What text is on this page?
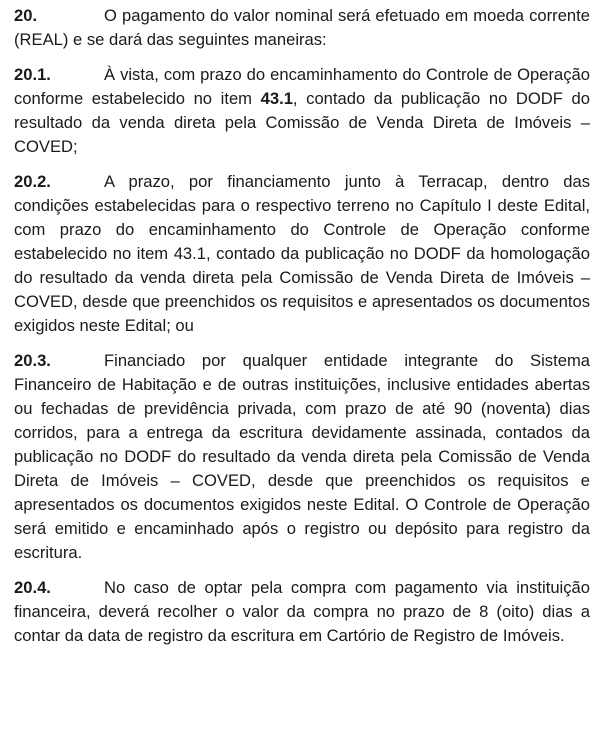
20.	O pagamento do valor nominal será efetuado em moeda corrente (REAL) e se dará das seguintes maneiras:

20.1.	À vista, com prazo do encaminhamento do Controle de Operação conforme estabelecido no item 43.1, contado da publicação no DODF do resultado da venda direta pela Comissão de Venda Direta de Imóveis – COVED;

20.2.	A prazo, por financiamento junto à Terracap, dentro das condições estabelecidas para o respectivo terreno no Capítulo I deste Edital, com prazo do encaminhamento do Controle de Operação conforme estabelecido no item 43.1, contado da publicação no DODF da homologação do resultado da venda direta pela Comissão de Venda Direta de Imóveis – COVED, desde que preenchidos os requisitos e apresentados os documentos exigidos neste Edital; ou

20.3.	Financiado por qualquer entidade integrante do Sistema Financeiro de Habitação e de outras instituições, inclusive entidades abertas ou fechadas de previdência privada, com prazo de até 90 (noventa) dias corridos, para a entrega da escritura devidamente assinada, contados da publicação no DODF do resultado da venda direta pela Comissão de Venda Direta de Imóveis – COVED, desde que preenchidos os requisitos e apresentados os documentos exigidos neste Edital. O Controle de Operação será emitido e encaminhado após o registro ou depósito para registro da escritura.

20.4.	No caso de optar pela compra com pagamento via instituição financeira, deverá recolher o valor da compra no prazo de 8 (oito) dias a contar da data de registro da escritura em Cartório de Registro de Imóveis.
